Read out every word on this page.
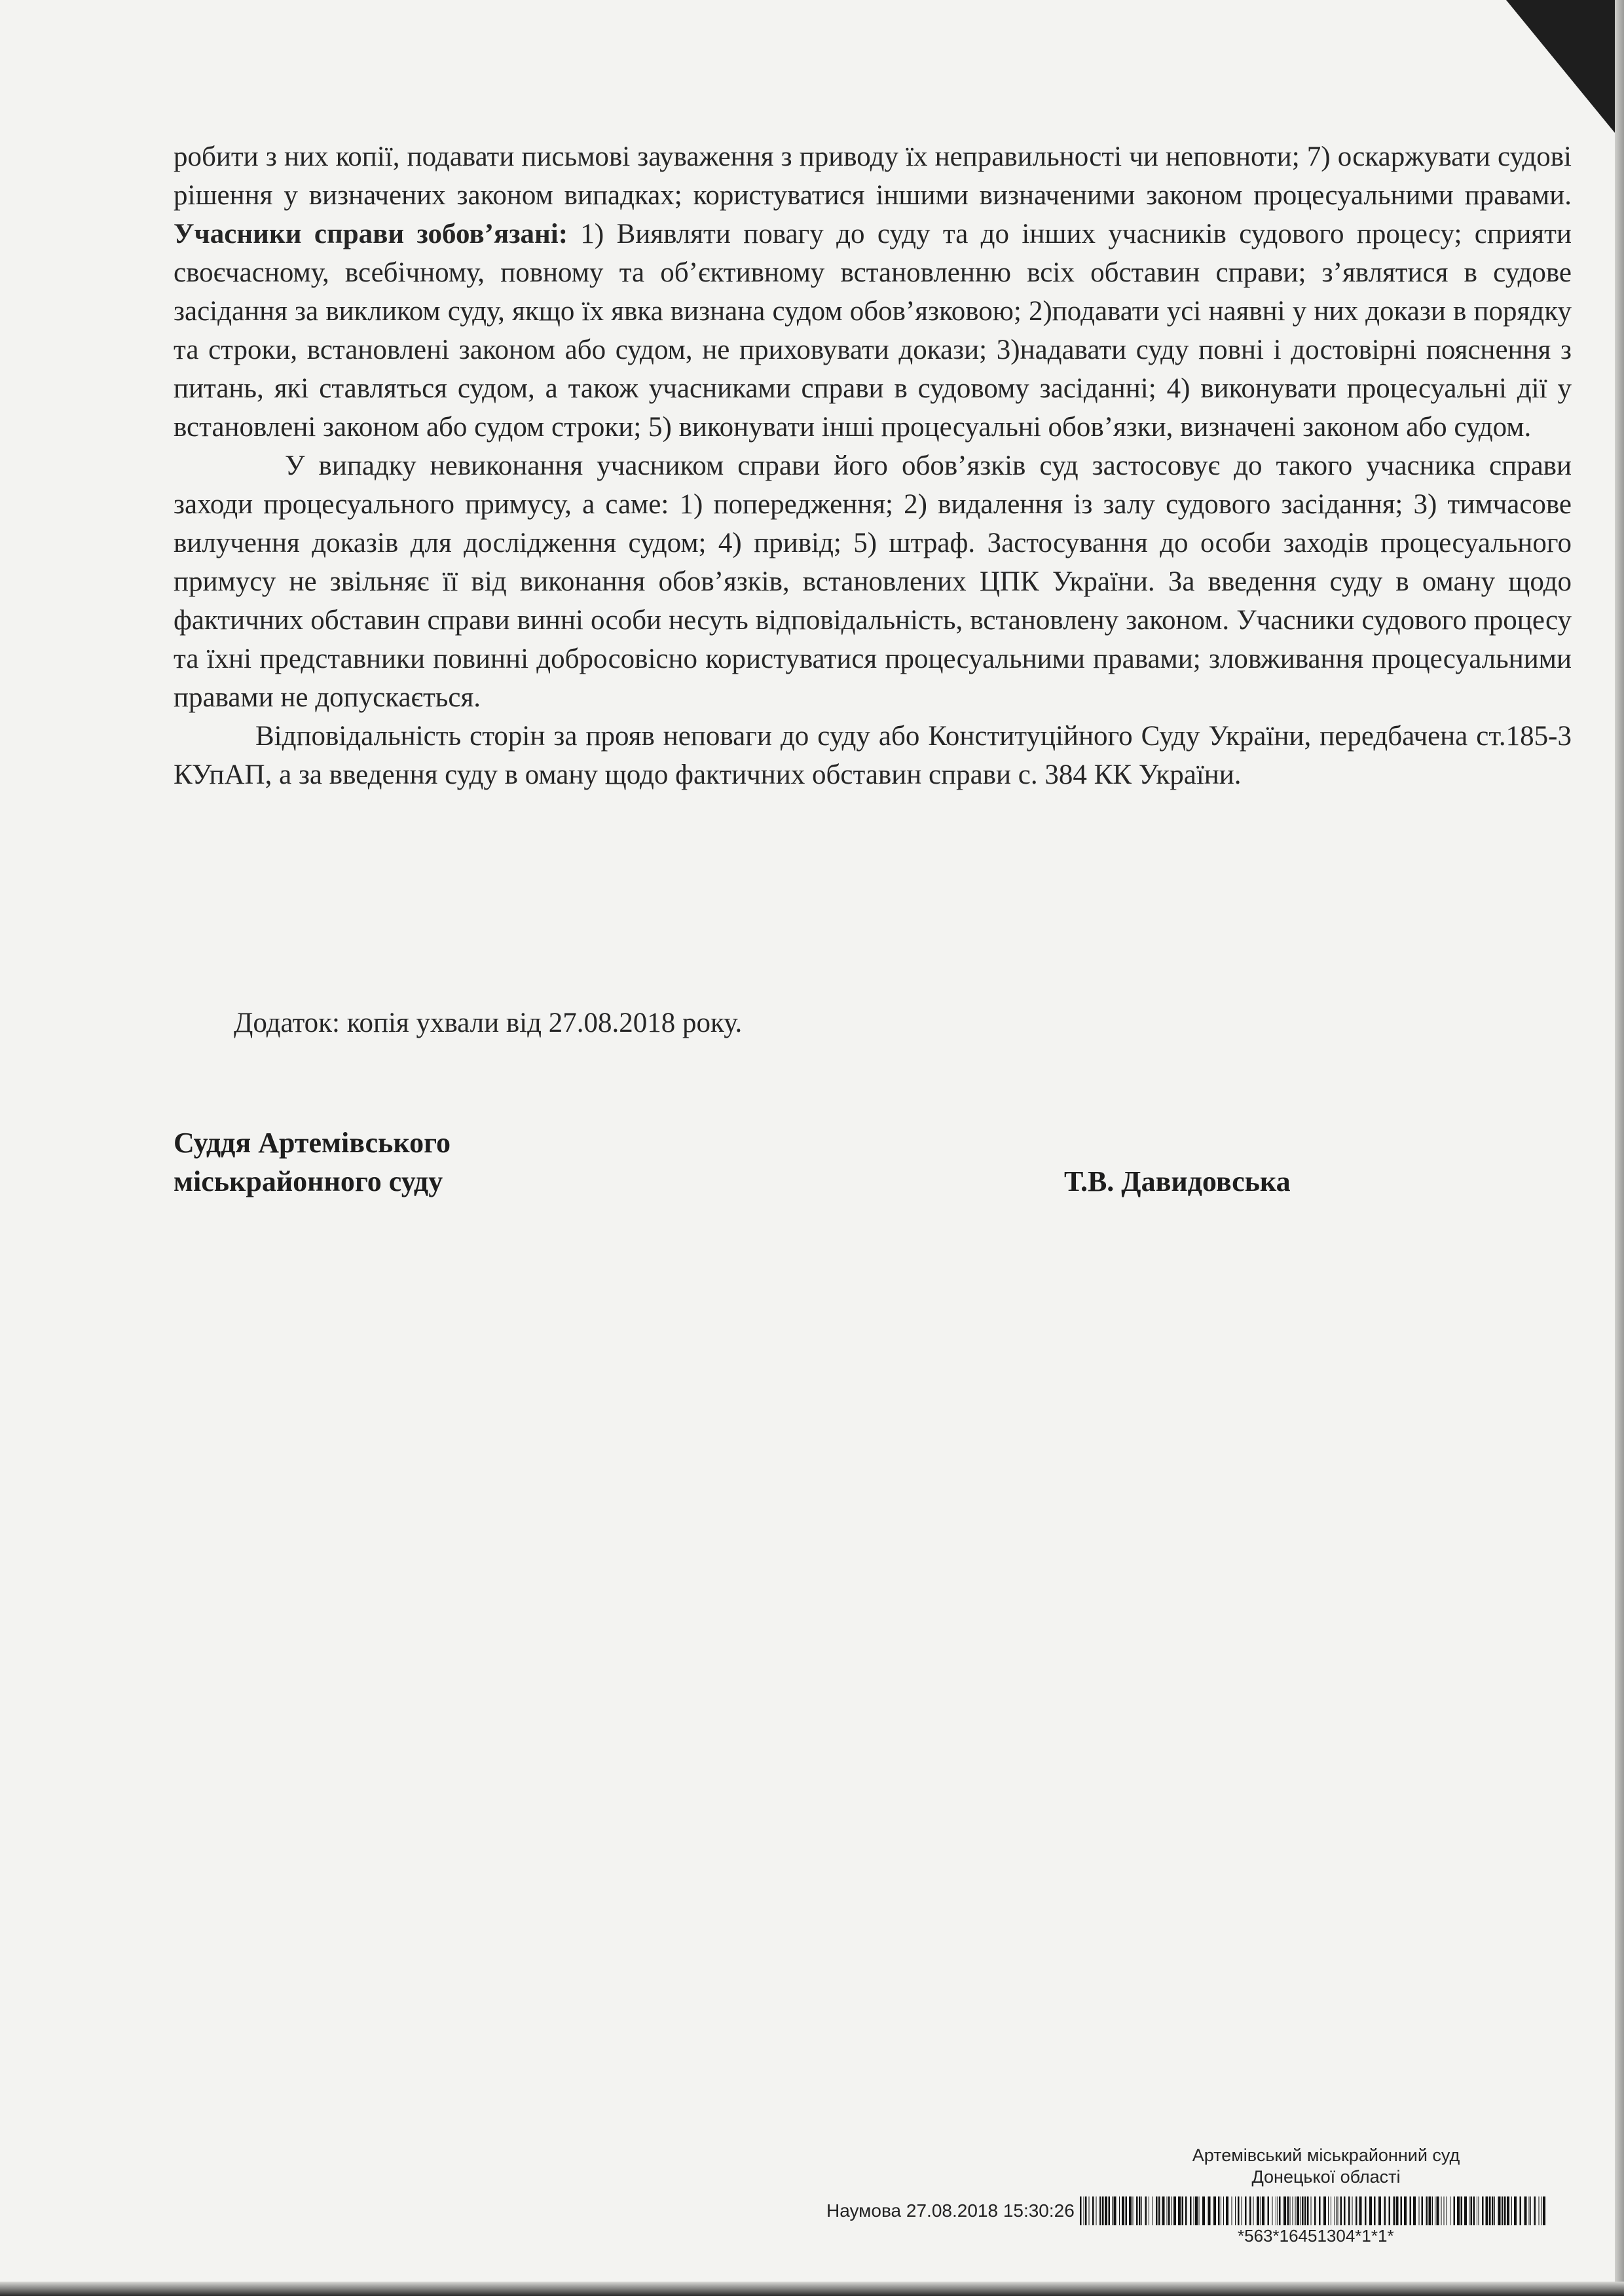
робити з них копії, подавати письмові зауваження з приводу їх неправильності чи неповноти; 7) оскаржувати судові рішення у визначених законом випадках; користуватися іншими визначеними законом процесуальними правами. Учасники справи зобов’язані: 1) Виявляти повагу до суду та до інших учасників судового процесу; сприяти своєчасному, всебічному, повному та об’єктивному встановленню всіх обставин справи; з’являтися в судове засідання за викликом суду, якщо їх явка визнана судом обов’язковою; 2)подавати усі наявні у них докази в порядку та строки, встановлені законом або судом, не приховувати докази; 3)надавати суду повні і достовірні пояснення з питань, які ставляться судом, а також учасниками справи в судовому засіданні; 4) виконувати процесуальні дії у встановлені законом або судом строки; 5) виконувати інші процесуальні обов’язки, визначені законом або судом.

У випадку невиконання учасником справи його обов’язків суд застосовує до такого учасника справи заходи процесуального примусу, а саме: 1) попередження; 2) видалення із залу судового засідання; 3) тимчасове вилучення доказів для дослідження судом; 4) привід; 5) штраф. Застосування до особи заходів процесуального примусу не звільняє її від виконання обов’язків, встановлених ЦПК України. За введення суду в оману щодо фактичних обставин справи винні особи несуть відповідальність, встановлену законом. Учасники судового процесу та їхні представники повинні добросовісно користуватися процесуальними правами; зловживання процесуальними правами не допускається.

Відповідальність сторін за прояв неповаги до суду або Конституційного Суду України, передбачена ст.185-3 КУпАП, а за введення суду в оману щодо фактичних обставин справи с. 384 КК України.

Додаток: копія ухвали від 27.08.2018 року.
Суддя Артемівського
міськрайонного суду	Т.В. Давидовська
Артемівський міськрайонний суд
Донецької області
Наумова 27.08.2018 15:30:26
*563*16451304*1*1*
